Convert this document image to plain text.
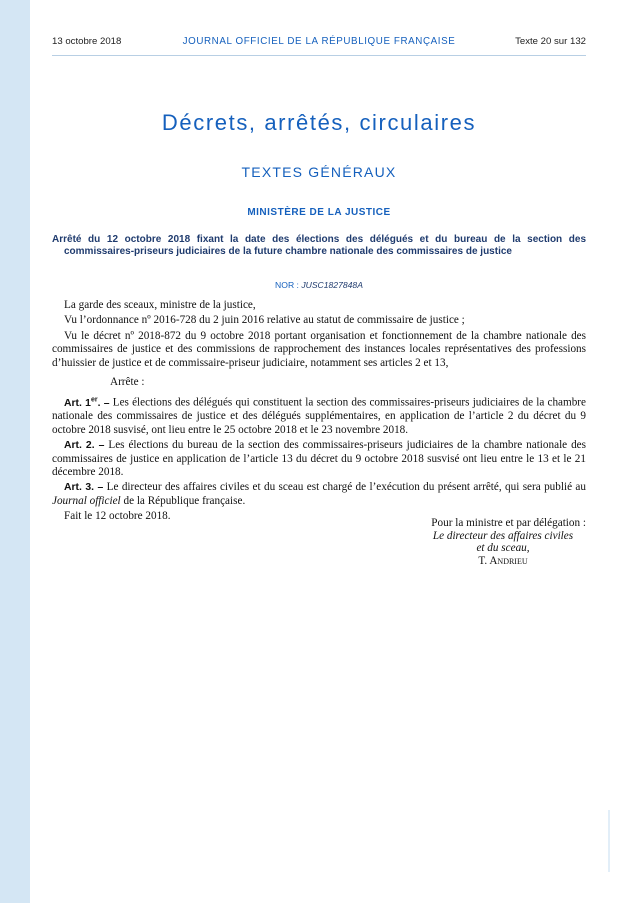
13 octobre 2018	JOURNAL OFFICIEL DE LA RÉPUBLIQUE FRANÇAISE	Texte 20 sur 132
Décrets, arrêtés, circulaires
TEXTES GÉNÉRAUX
MINISTÈRE DE LA JUSTICE
Arrêté du 12 octobre 2018 fixant la date des élections des délégués et du bureau de la section des commissaires-priseurs judiciaires de la future chambre nationale des commissaires de justice
NOR : JUSC1827848A

La garde des sceaux, ministre de la justice,

Vu l’ordonnance nº 2016-728 du 2 juin 2016 relative au statut de commissaire de justice ;

Vu le décret nº 2018-872 du 9 octobre 2018 portant organisation et fonctionnement de la chambre nationale des commissaires de justice et des commissions de rapprochement des instances locales représentatives des professions d’huissier de justice et de commissaire-priseur judiciaire, notamment ses articles 2 et 13,

Arrête :

Art. 1er. – Les élections des délégués qui constituent la section des commissaires-priseurs judiciaires de la chambre nationale des commissaires de justice et des délégués supplémentaires, en application de l’article 2 du décret du 9 octobre 2018 susvisé, ont lieu entre le 25 octobre 2018 et le 23 novembre 2018.

Art. 2. – Les élections du bureau de la section des commissaires-priseurs judiciaires de la chambre nationale des commissaires de justice en application de l’article 13 du décret du 9 octobre 2018 susvisé ont lieu entre le 13 et le 21 décembre 2018.

Art. 3. – Le directeur des affaires civiles et du sceau est chargé de l’exécution du présent arrêté, qui sera publié au Journal officiel de la République française.

Fait le 12 octobre 2018.

Pour la ministre et par délégation :
Le directeur des affaires civiles
et du sceau,
T. Andrieu
